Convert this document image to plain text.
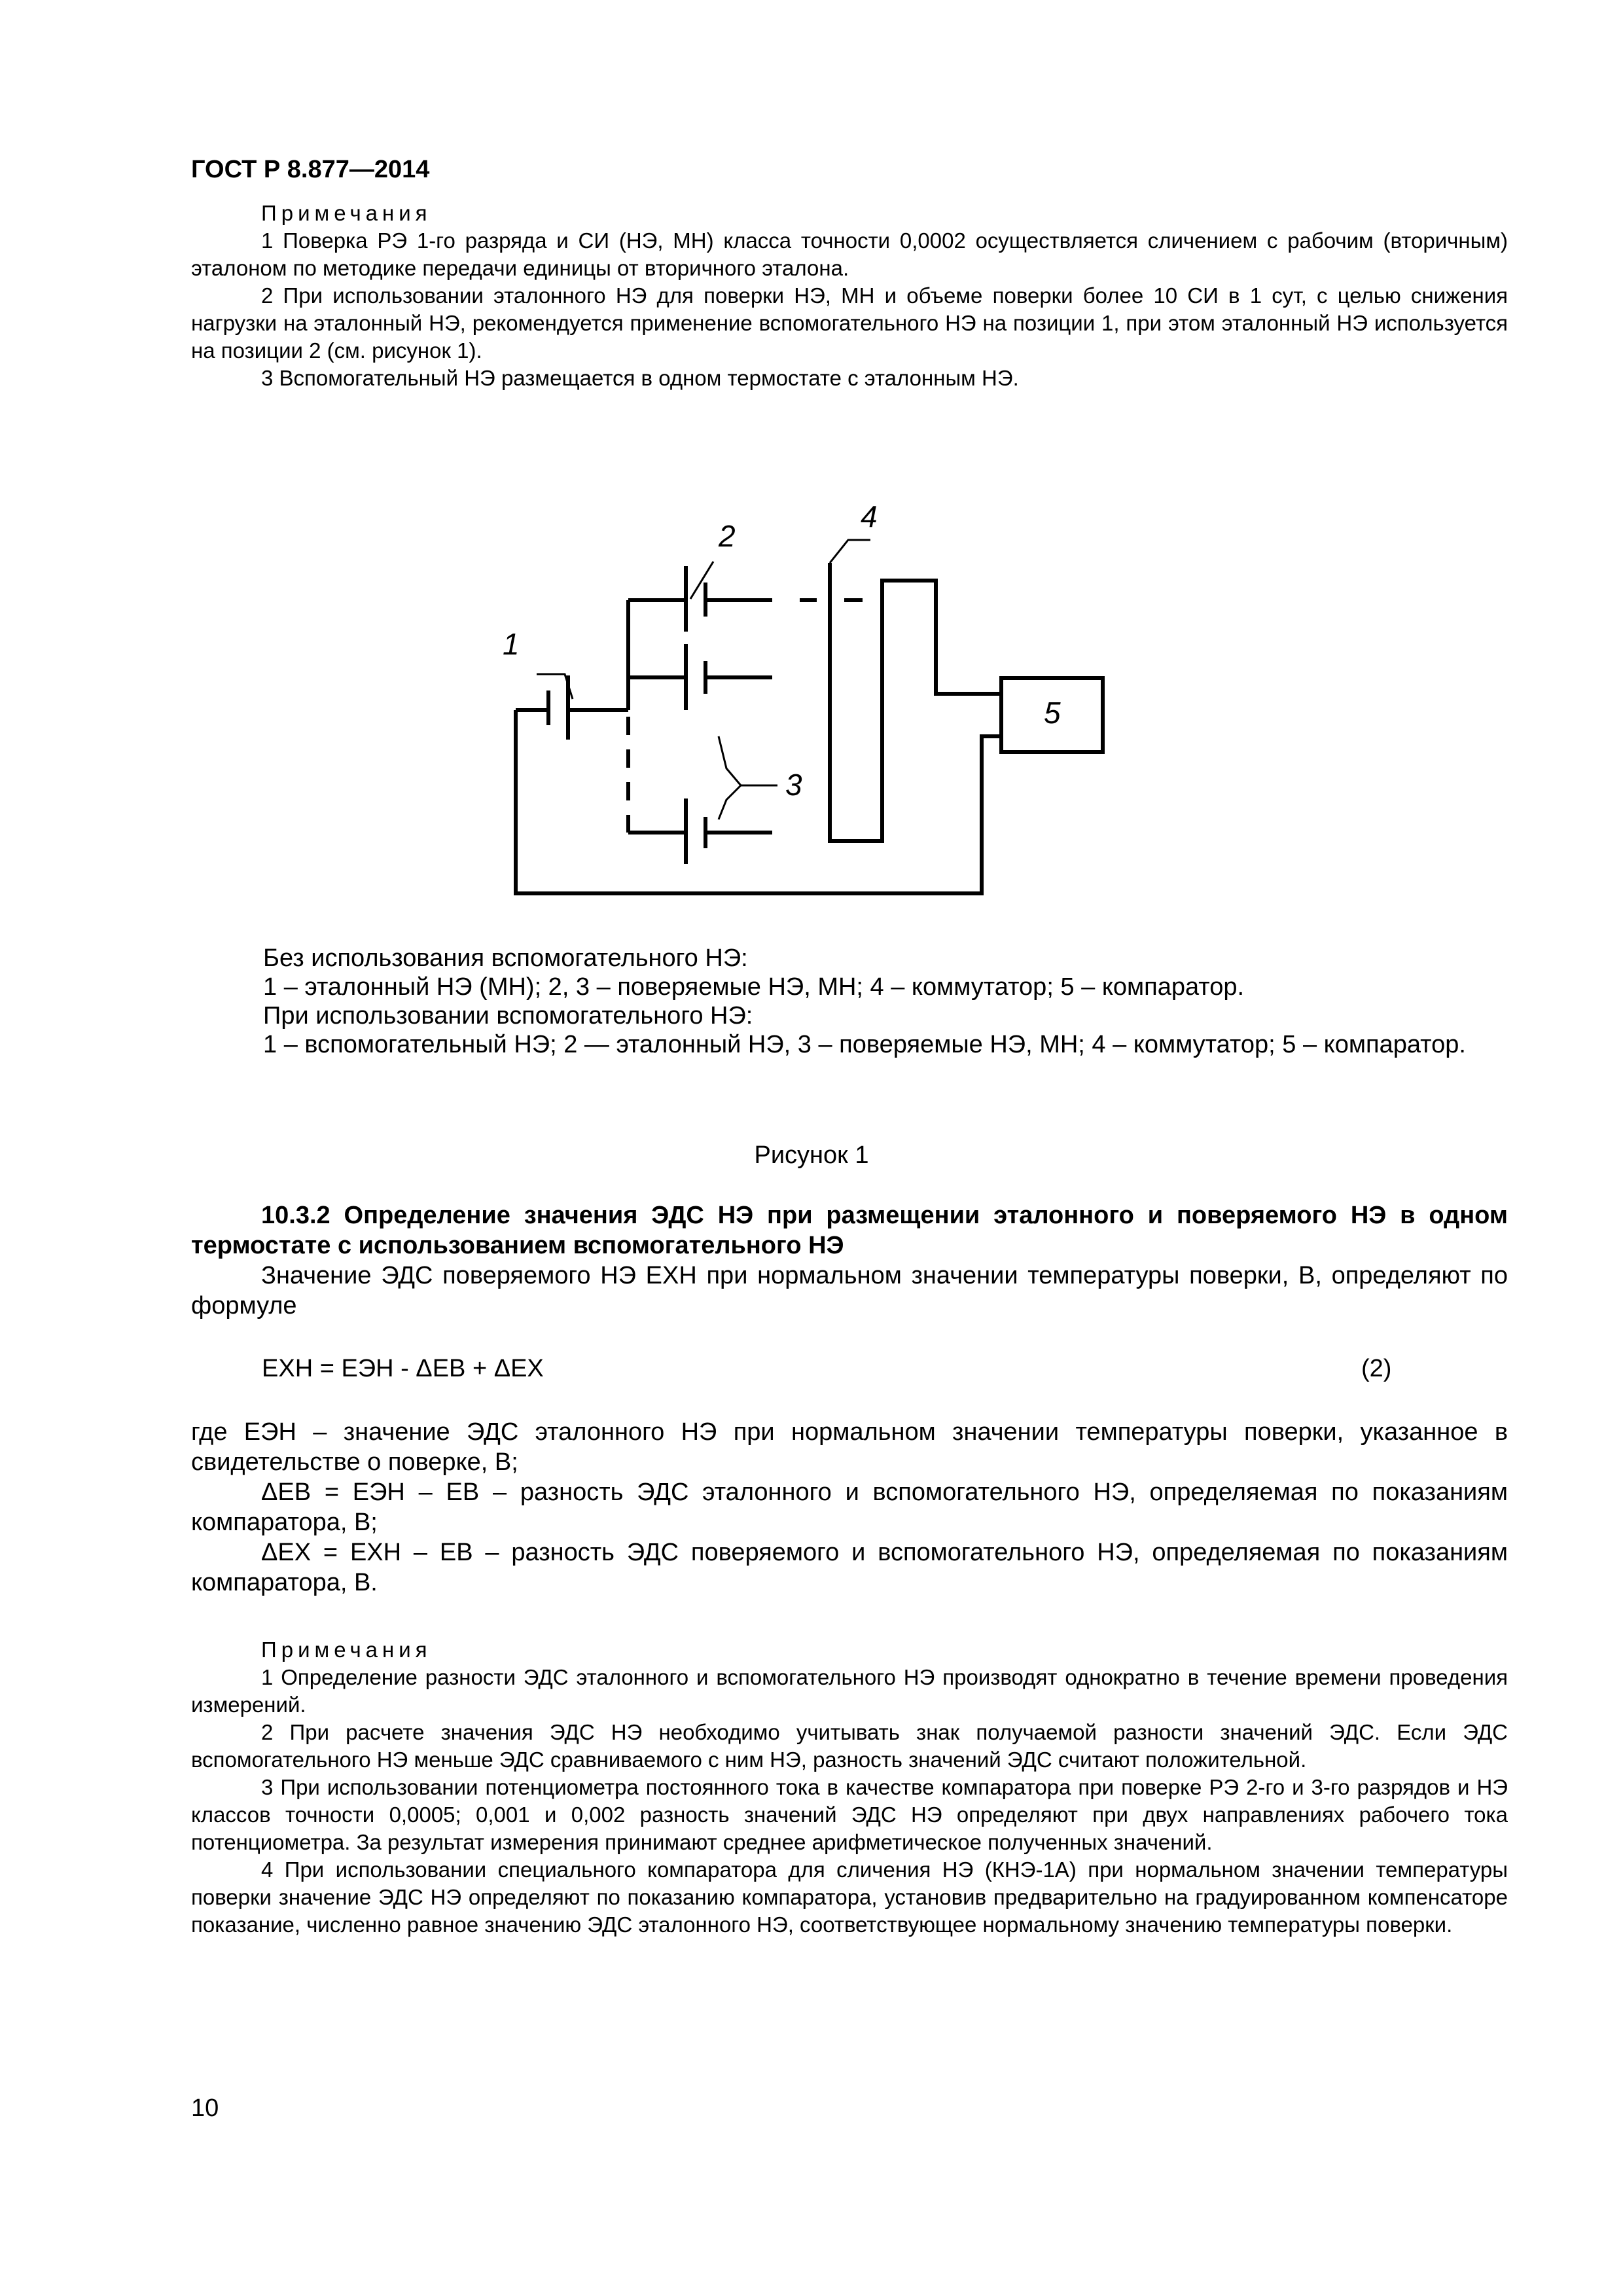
ГОСТ Р 8.877—2014

Примечания

1 Поверка РЭ 1-го разряда и СИ (НЭ, МН) класса точности 0,0002 осуществляется сличением с рабочим (вторичным) эталоном по методике передачи единицы от вторичного эталона.

2 При использовании эталонного НЭ для поверки НЭ, МН и объеме поверки более 10 СИ в 1 сут, с целью снижения нагрузки на эталонный НЭ, рекомендуется применение вспомогательного НЭ на позиции 1, при этом эталонный НЭ используется на позиции 2 (см. рисунок 1).

3 Вспомогательный НЭ размещается в одном термостате с эталонным НЭ.

1
2
3
4
5

Без использования вспомогательного НЭ:

1 – эталонный НЭ (МН); 2, 3 – поверяемые НЭ, МН; 4 – коммутатор; 5 – компаратор.

При использовании вспомогательного НЭ:

1 – вспомогательный НЭ; 2 — эталонный НЭ, 3 – поверяемые НЭ, МН; 4 – коммутатор; 5 – компаратор.

Рисунок 1

10.3.2 Определение значения ЭДС НЭ при размещении эталонного и поверяемого НЭ в одном термостате с использованием вспомогательного НЭ

Значение ЭДС поверяемого НЭ EХН при нормальном значении температуры поверки, В, определяют по формуле

EХН = EЭН - ΔEВ + ΔEX	(2)

где EЭН – значение ЭДС эталонного НЭ при нормальном значении температуры поверки, указанное в свидетельстве о поверке, В;

ΔEВ = EЭН – EВ – разность ЭДС эталонного и вспомогательного НЭ, определяемая по показаниям компаратора, В;

ΔEX = EХН – EВ – разность ЭДС поверяемого и вспомогательного НЭ, определяемая по показаниям компаратора, В.

Примечания

1 Определение разности ЭДС эталонного и вспомогательного НЭ производят однократно в течение времени проведения измерений.

2 При расчете значения ЭДС НЭ необходимо учитывать знак получаемой разности значений ЭДС. Если ЭДС вспомогательного НЭ меньше ЭДС сравниваемого с ним НЭ, разность значений ЭДС считают положительной.

3 При использовании потенциометра постоянного тока в качестве компаратора при поверке РЭ 2-го и 3-го разрядов и НЭ классов точности 0,0005; 0,001 и 0,002 разность значений ЭДС НЭ определяют при двух направлениях рабочего тока потенциометра. За результат измерения принимают среднее арифметическое полученных значений.

4 При использовании специального компаратора для сличения НЭ (КНЭ-1А) при нормальном значении температуры поверки значение ЭДС НЭ определяют по показанию компаратора, установив предварительно на градуированном компенсаторе показание, численно равное значению ЭДС эталонного НЭ, соответствующее нормальному значению температуры поверки.

10
